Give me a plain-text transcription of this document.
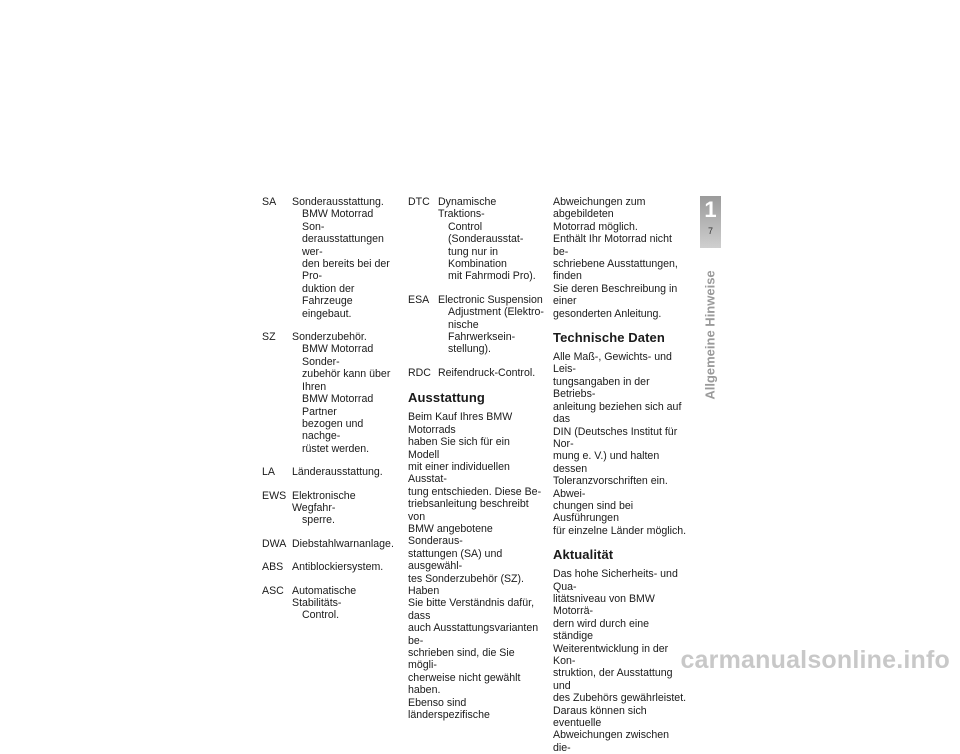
SA	Sonderausstattung.
BMW Motorrad Son-
derausstattungen wer-
den bereits bei der Pro-
duktion der Fahrzeuge
eingebaut.
SZ	Sonderzubehör.
BMW Motorrad Sonder-
zubehör kann über Ihren
BMW Motorrad Partner
bezogen und nachge-
rüstet werden.
LA	Länderausstattung.
EWS Elektronische Wegfahr-
sperre.
DWA Diebstahlwarnanlage.
ABS Antiblockiersystem.
ASC Automatische Stabilitäts-
Control.
DTC Dynamische Traktions-
Control (Sonderausstat-
tung nur in Kombination
mit Fahrmodi Pro).
ESA Electronic Suspension
Adjustment (Elektro-
nische Fahrwerksein-
stellung).
RDC Reifendruck-Control.
Ausstattung
Beim Kauf Ihres BMW Motorrads
haben Sie sich für ein Modell
mit einer individuellen Ausstat-
tung entschieden. Diese Be-
triebsanleitung beschreibt von
BMW angebotene Sonderaus-
stattungen (SA) und ausgewähl-
tes Sonderzubehör (SZ). Haben
Sie bitte Verständnis dafür, dass
auch Ausstattungsvarianten be-
schrieben sind, die Sie mögli-
cherweise nicht gewählt haben.
Ebenso sind länderspezifische
Abweichungen zum abgebildeten
Motorrad möglich.
Enthält Ihr Motorrad nicht be-
schriebene Ausstattungen, finden
Sie deren Beschreibung in einer
gesonderten Anleitung.
Technische Daten
Alle Maß-, Gewichts- und Leis-
tungsangaben in der Betriebs-
anleitung beziehen sich auf das
DIN (Deutsches Institut für Nor-
mung e. V.) und halten dessen
Toleranzvorschriften ein. Abwei-
chungen sind bei Ausführungen
für einzelne Länder möglich.
Aktualität
Das hohe Sicherheits- und Qua-
litätsniveau von BMW Motorrä-
dern wird durch eine ständige
Weiterentwicklung in der Kon-
struktion, der Ausstattung und
des Zubehörs gewährleistet.
Daraus können sich eventuelle
Abweichungen zwischen die-
1
7
Allgemeine Hinweise
carmanualsonline.info
